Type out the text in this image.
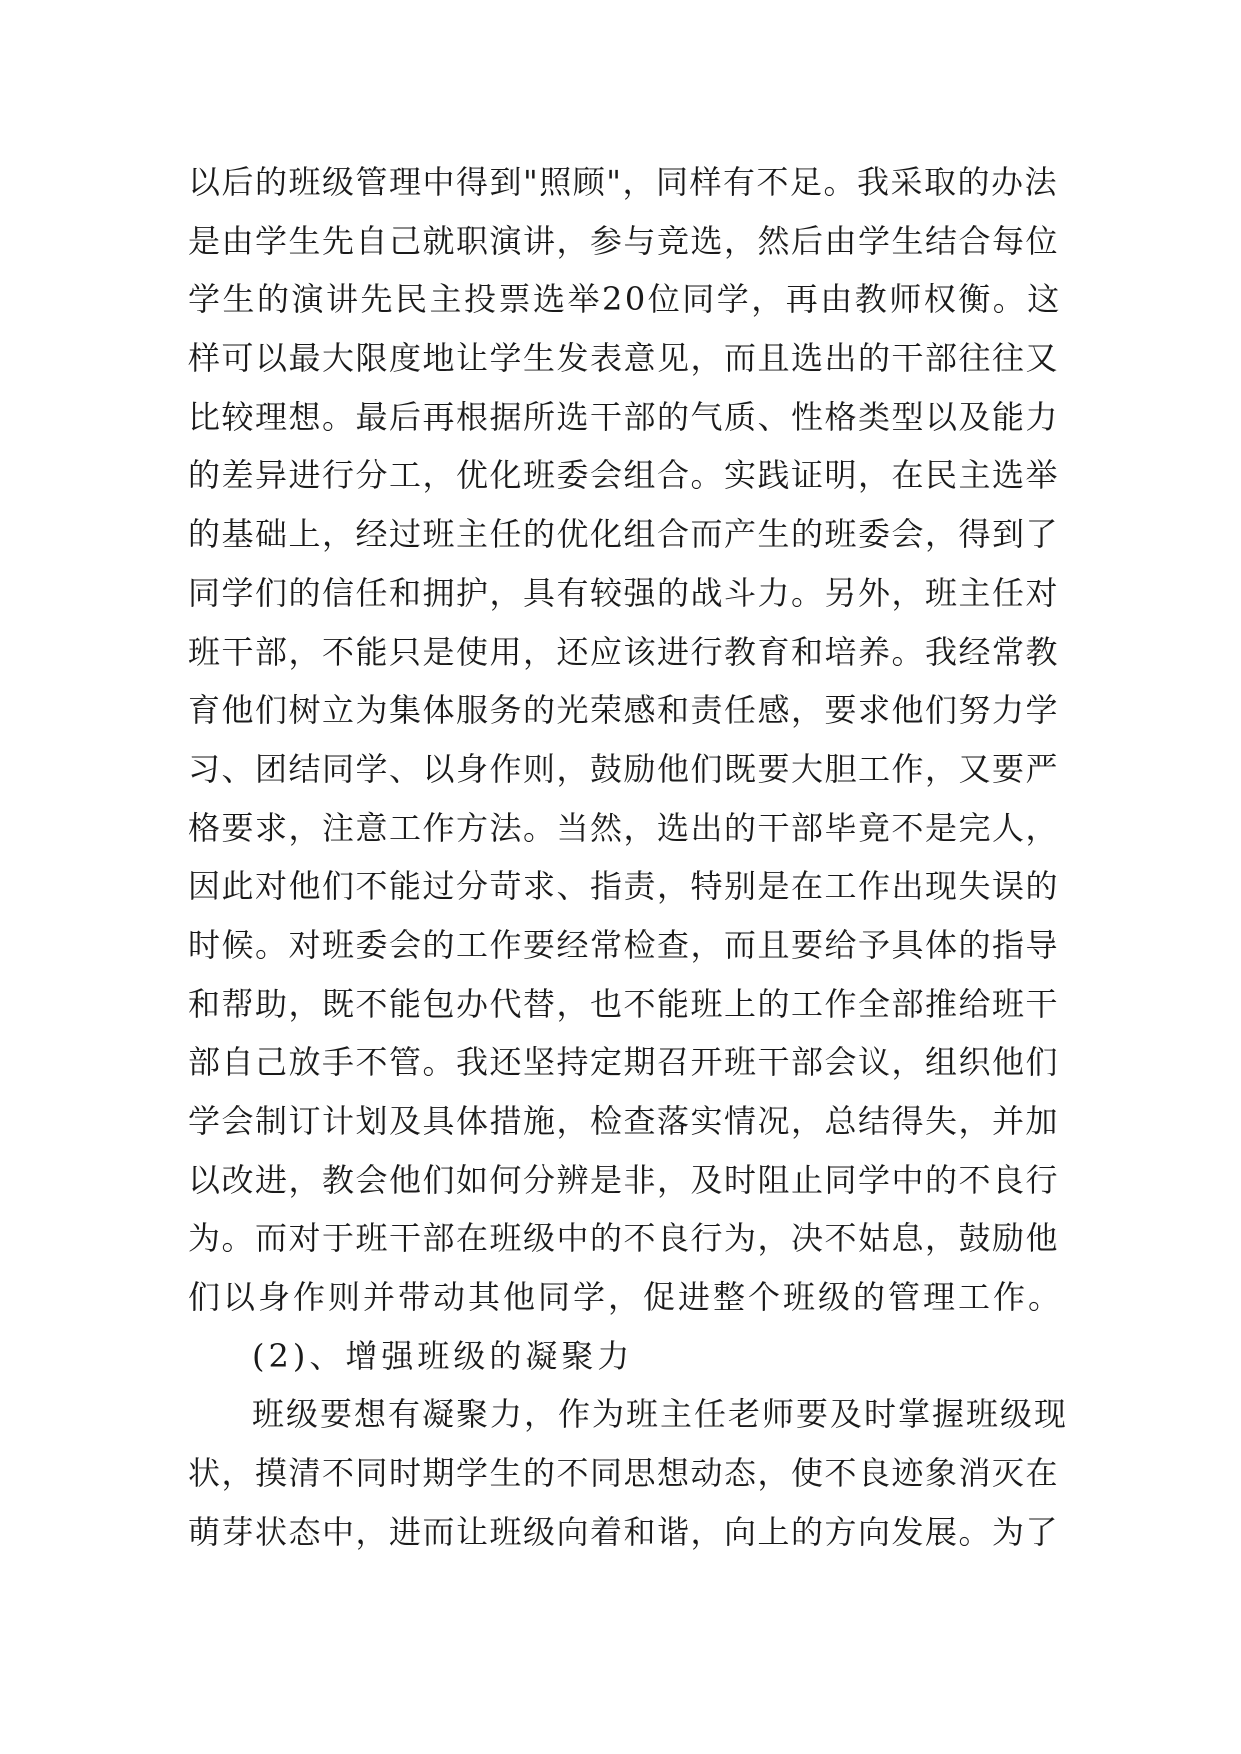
以后的班级管理中得到"照顾"，同样有不足。我采取的办法
是由学生先自己就职演讲，参与竞选，然后由学生结合每位
学生的演讲先民主投票选举20位同学，再由教师权衡。这
样可以最大限度地让学生发表意见，而且选出的干部往往又
比较理想。最后再根据所选干部的气质、性格类型以及能力
的差异进行分工，优化班委会组合。实践证明，在民主选举
的基础上，经过班主任的优化组合而产生的班委会，得到了
同学们的信任和拥护，具有较强的战斗力。另外，班主任对
班干部，不能只是使用，还应该进行教育和培养。我经常教
育他们树立为集体服务的光荣感和责任感，要求他们努力学
习、团结同学、以身作则，鼓励他们既要大胆工作，又要严
格要求，注意工作方法。当然，选出的干部毕竟不是完人，
因此对他们不能过分苛求、指责，特别是在工作出现失误的
时候。对班委会的工作要经常检查，而且要给予具体的指导
和帮助，既不能包办代替，也不能班上的工作全部推给班干
部自己放手不管。我还坚持定期召开班干部会议，组织他们
学会制订计划及具体措施，检查落实情况，总结得失，并加
以改进，教会他们如何分辨是非，及时阻止同学中的不良行
为。而对于班干部在班级中的不良行为，决不姑息，鼓励他
们以身作则并带动其他同学，促进整个班级的管理工作。
(2)、增强班级的凝聚力
班级要想有凝聚力，作为班主任老师要及时掌握班级现
状，摸清不同时期学生的不同思想动态，使不良迹象消灭在
萌芽状态中，进而让班级向着和谐，向上的方向发展。为了
